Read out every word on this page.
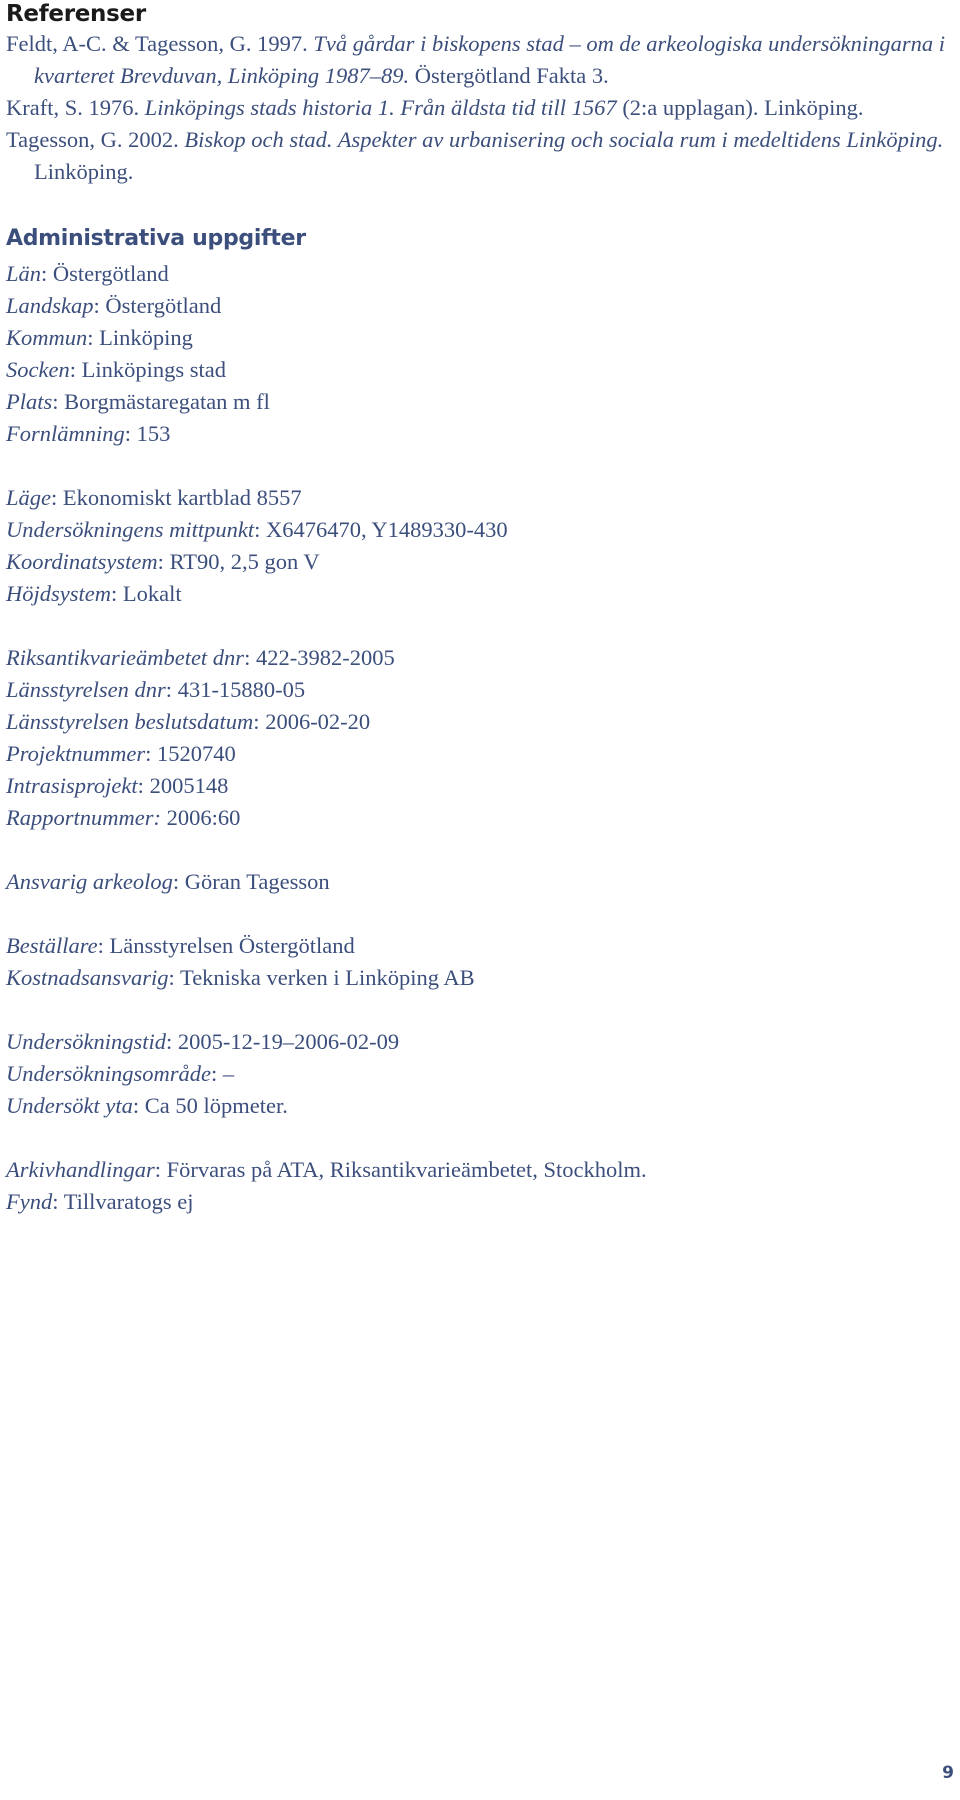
Referenser

Feldt, A-C. & Tagesson, G. 1997. Två gårdar i biskopens stad – om de arkeologiska undersökningarna i kvarteret Brevduvan, Linköping 1987–89. Östergötland Fakta 3.

Kraft, S. 1976. Linköpings stads historia 1. Från äldsta tid till 1567 (2:a upplagan). Linköping.

Tagesson, G. 2002. Biskop och stad. Aspekter av urbanisering och sociala rum i medeltidens Linköping. Linköping.

Administrativa uppgifter

Län: Östergötland

Landskap: Östergötland

Kommun: Linköping

Socken: Linköpings stad

Plats: Borgmästaregatan m fl

Fornlämning: 153

Läge: Ekonomiskt kartblad 8557

Undersökningens mittpunkt: X6476470, Y1489330-430

Koordinatsystem: RT90, 2,5 gon V

Höjdsystem: Lokalt

Riksantikvarieämbetet dnr: 422-3982-2005

Länsstyrelsen dnr: 431-15880-05

Länsstyrelsen beslutsdatum: 2006-02-20

Projektnummer: 1520740

Intrasisprojekt: 2005148

Rapportnummer: 2006:60

Ansvarig arkeolog: Göran Tagesson

Beställare: Länsstyrelsen Östergötland

Kostnadsansvarig: Tekniska verken i Linköping AB

Undersökningstid: 2005-12-19–2006-02-09

Undersökningsområde: –

Undersökt yta: Ca 50 löpmeter.

Arkivhandlingar: Förvaras på ATA, Riksantikvarieämbetet, Stockholm.

Fynd: Tillvaratogs ej

9
